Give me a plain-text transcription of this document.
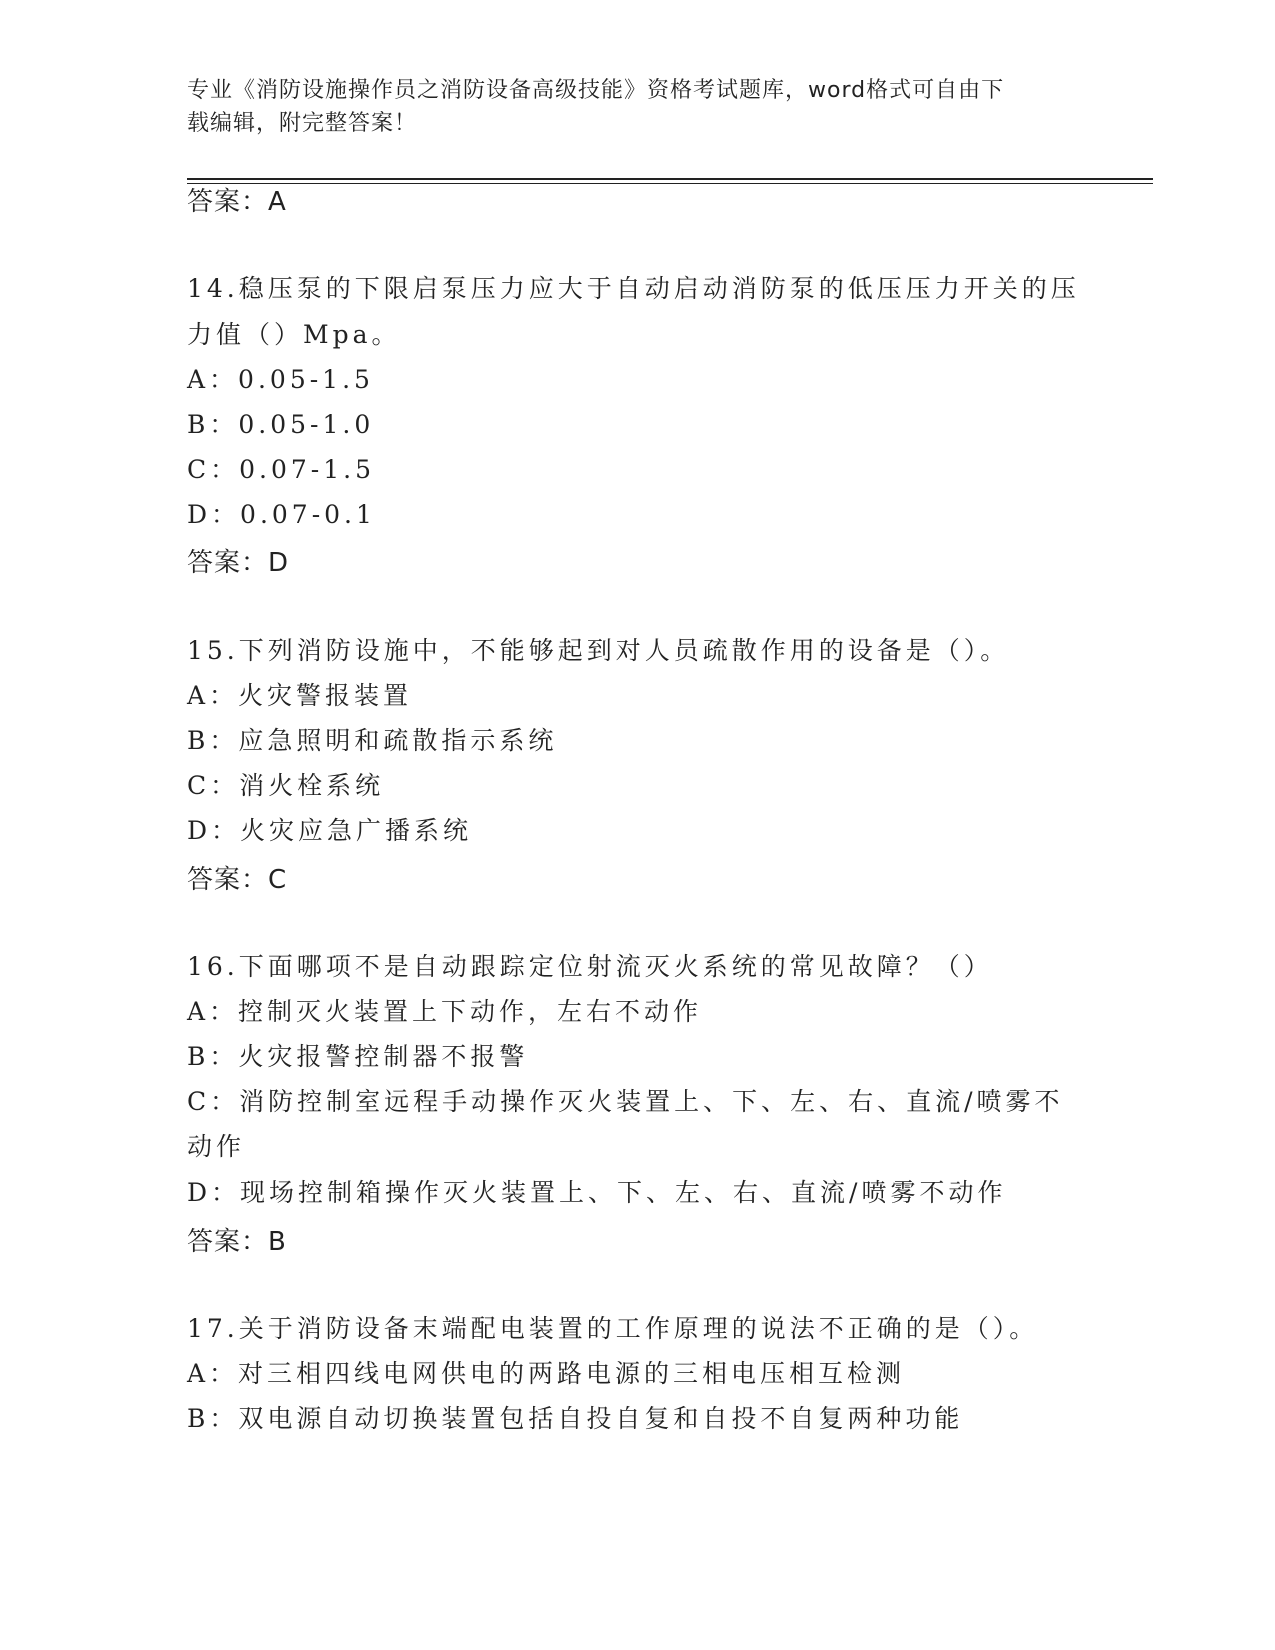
专业《消防设施操作员之消防设备高级技能》资格考试题库，word格式可自由下
载编辑，附完整答案！
答案：A
14.稳压泵的下限启泵压力应大于自动启动消防泵的低压压力开关的压
力值（）Mpa。
A：0.05-1.5
B：0.05-1.0
C：0.07-1.5
D：0.07-0.1
答案：D
15.下列消防设施中，不能够起到对人员疏散作用的设备是（）。
A：火灾警报装置
B：应急照明和疏散指示系统
C：消火栓系统
D：火灾应急广播系统
答案：C
16.下面哪项不是自动跟踪定位射流灭火系统的常见故障？（）
A：控制灭火装置上下动作，左右不动作
B：火灾报警控制器不报警
C：消防控制室远程手动操作灭火装置上、下、左、右、直流/喷雾不
动作
D：现场控制箱操作灭火装置上、下、左、右、直流/喷雾不动作
答案：B
17.关于消防设备末端配电装置的工作原理的说法不正确的是（）。
A：对三相四线电网供电的两路电源的三相电压相互检测
B：双电源自动切换装置包括自投自复和自投不自复两种功能
